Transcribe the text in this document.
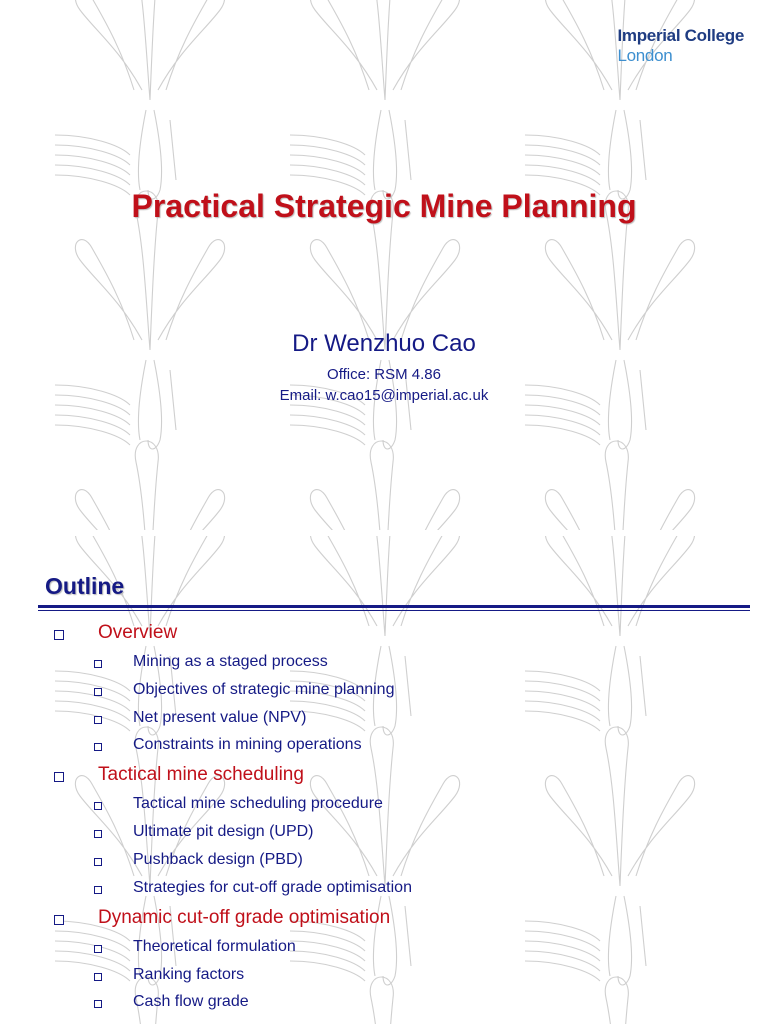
Imperial College
London
Practical Strategic Mine Planning
Dr Wenzhuo Cao
Office: RSM 4.86
Email: w.cao15@imperial.ac.uk
Outline
Overview
Mining as a staged process
Objectives of strategic mine planning
Net present value (NPV)
Constraints in mining operations
Tactical mine scheduling
Tactical mine scheduling procedure
Ultimate pit design (UPD)
Pushback design (PBD)
Strategies for cut-off grade optimisation
Dynamic cut-off grade optimisation
Theoretical formulation
Ranking factors
Cash flow grade
